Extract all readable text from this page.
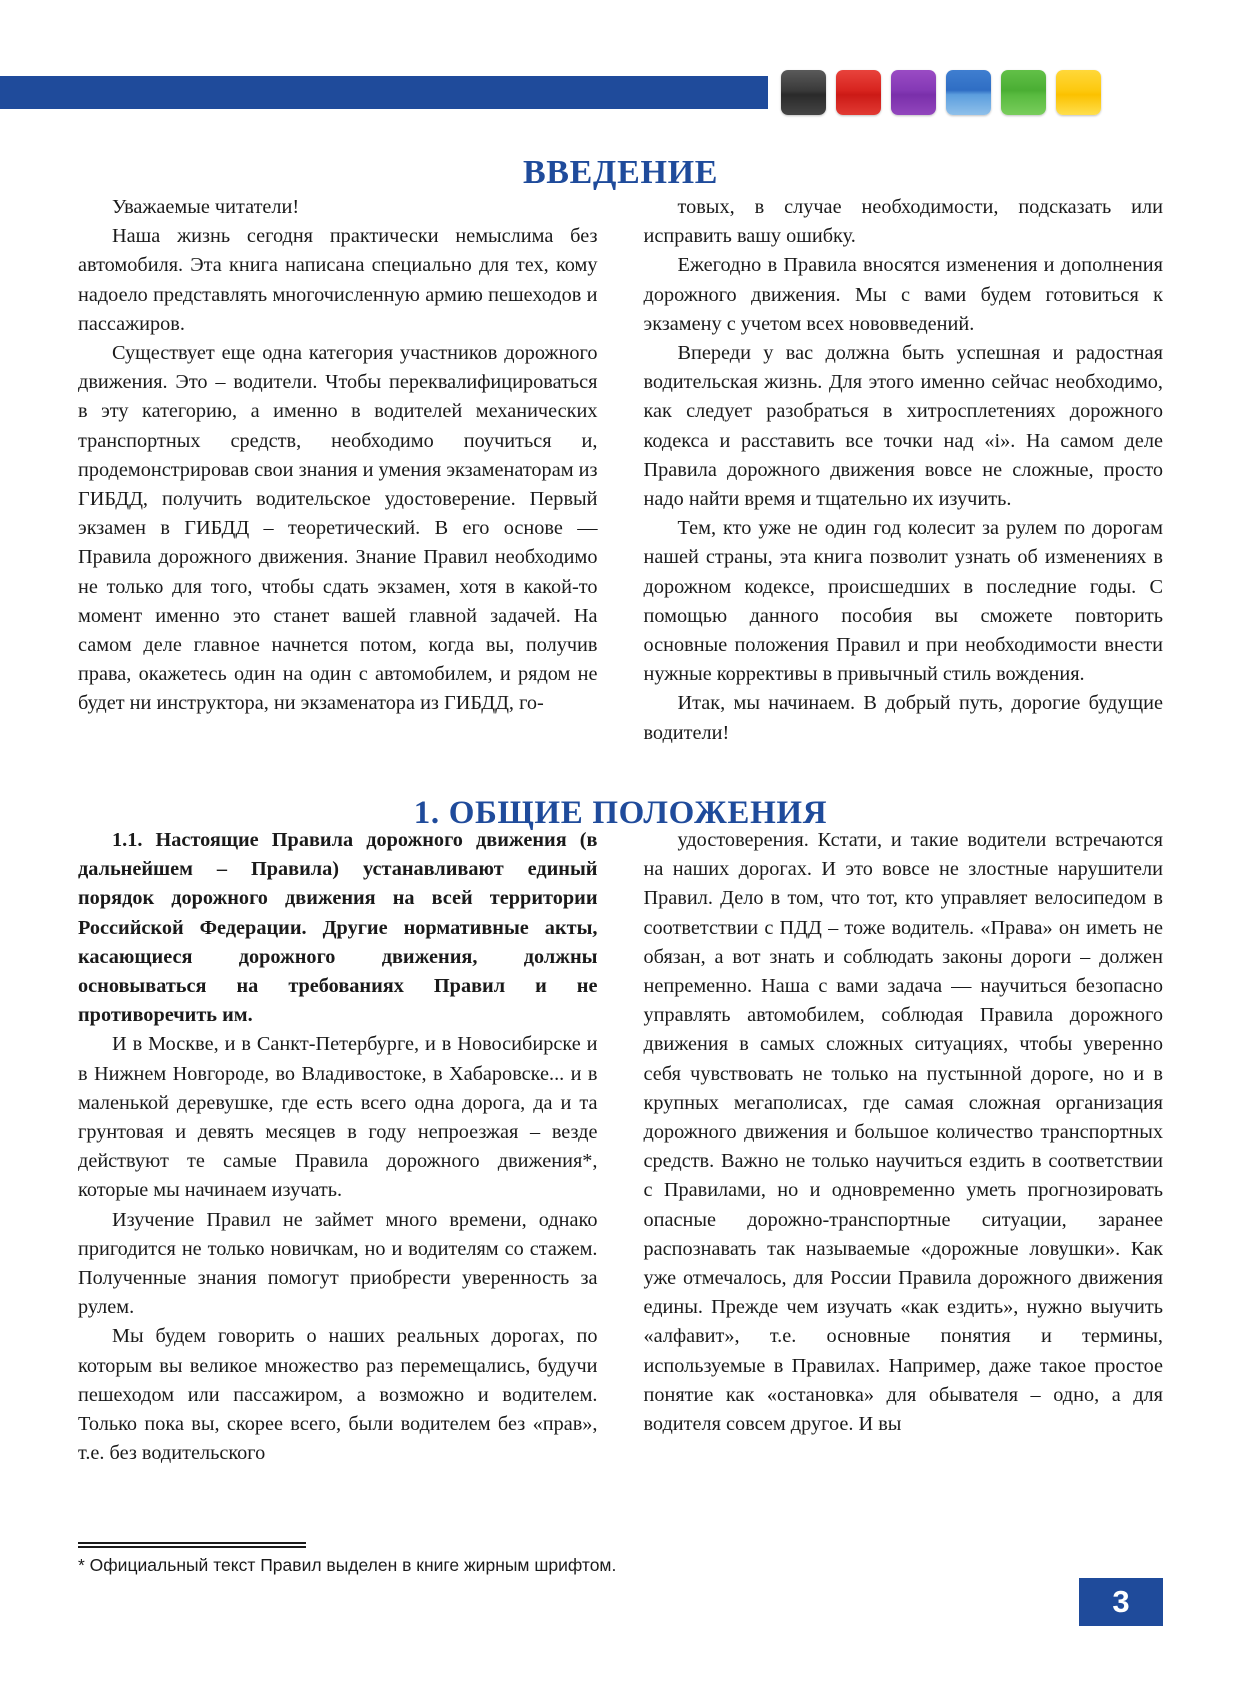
ВВЕДЕНИЕ

Уважаемые читатели!

Наша жизнь сегодня практически немыслима без автомобиля. Эта книга написана специально для тех, кому надоело представлять многочисленную армию пешеходов и пассажиров.

Существует еще одна категория участников дорожного движения. Это – водители. Чтобы переквалифицироваться в эту категорию, а именно в водителей механических транспортных средств, необходимо поучиться и, продемонстрировав свои знания и умения экзаменаторам из ГИБДД, получить водительское удостоверение. Первый экзамен в ГИБДД – теоретический. В его основе — Правила дорожного движения. Знание Правил необходимо не только для того, чтобы сдать экзамен, хотя в какой-то момент именно это станет вашей главной задачей. На самом деле главное начнется потом, когда вы, получив права, окажетесь один на один с автомобилем, и рядом не будет ни инструктора, ни экзаменатора из ГИБДД, го-

товых, в случае необходимости, подсказать или исправить вашу ошибку.

Ежегодно в Правила вносятся изменения и дополнения дорожного движения. Мы с вами будем готовиться к экзамену с учетом всех нововведений.

Впереди у вас должна быть успешная и радостная водительская жизнь. Для этого именно сейчас необходимо, как следует разобраться в хитросплетениях дорожного кодекса и расставить все точки над «i». На самом деле Правила дорожного движения вовсе не сложные, просто надо найти время и тщательно их изучить.

Тем, кто уже не один год колесит за рулем по дорогам нашей страны, эта книга позволит узнать об изменениях в дорожном кодексе, происшедших в последние годы. С помощью данного пособия вы сможете повторить основные положения Правил и при необходимости внести нужные коррективы в привычный стиль вождения.

Итак, мы начинаем. В добрый путь, дорогие будущие водители!

1. ОБЩИЕ ПОЛОЖЕНИЯ

1.1. Настоящие Правила дорожного движения (в дальнейшем – Правила) устанавливают единый порядок дорожного движения на всей территории Российской Федерации. Другие нормативные акты, касающиеся дорожного движения, должны основываться на требованиях Правил и не противоречить им.

И в Москве, и в Санкт-Петербурге, и в Новосибирске и в Нижнем Новгороде, во Владивостоке, в Хабаровске... и в маленькой деревушке, где есть всего одна дорога, да и та грунтовая и девять месяцев в году непроезжая – везде действуют те самые Правила дорожного движения*, которые мы начинаем изучать.

Изучение Правил не займет много времени, однако пригодится не только новичкам, но и водителям со стажем. Полученные знания помогут приобрести уверенность за рулем.

Мы будем говорить о наших реальных дорогах, по которым вы великое множество раз перемещались, будучи пешеходом или пассажиром, а возможно и водителем. Только пока вы, скорее всего, были водителем без «прав», т.е. без водительского

удостоверения. Кстати, и такие водители встречаются на наших дорогах. И это вовсе не злостные нарушители Правил. Дело в том, что тот, кто управляет велосипедом в соответствии с ПДД – тоже водитель. «Права» он иметь не обязан, а вот знать и соблюдать законы дороги – должен непременно. Наша с вами задача — научиться безопасно управлять автомобилем, соблюдая Правила дорожного движения в самых сложных ситуациях, чтобы уверенно себя чувствовать не только на пустынной дороге, но и в крупных мегаполисах, где самая сложная организация дорожного движения и большое количество транспортных средств. Важно не только научиться ездить в соответствии с Правилами, но и одновременно уметь прогнозировать опасные дорожно-транспортные ситуации, заранее распознавать так называемые «дорожные ловушки». Как уже отмечалось, для России Правила дорожного движения едины. Прежде чем изучать «как ездить», нужно выучить «алфавит», т.е. основные понятия и термины, используемые в Правилах. Например, даже такое простое понятие как «остановка» для обывателя – одно, а для водителя совсем другое. И вы

* Официальный текст Правил выделен в книге жирным шрифтом.
3
